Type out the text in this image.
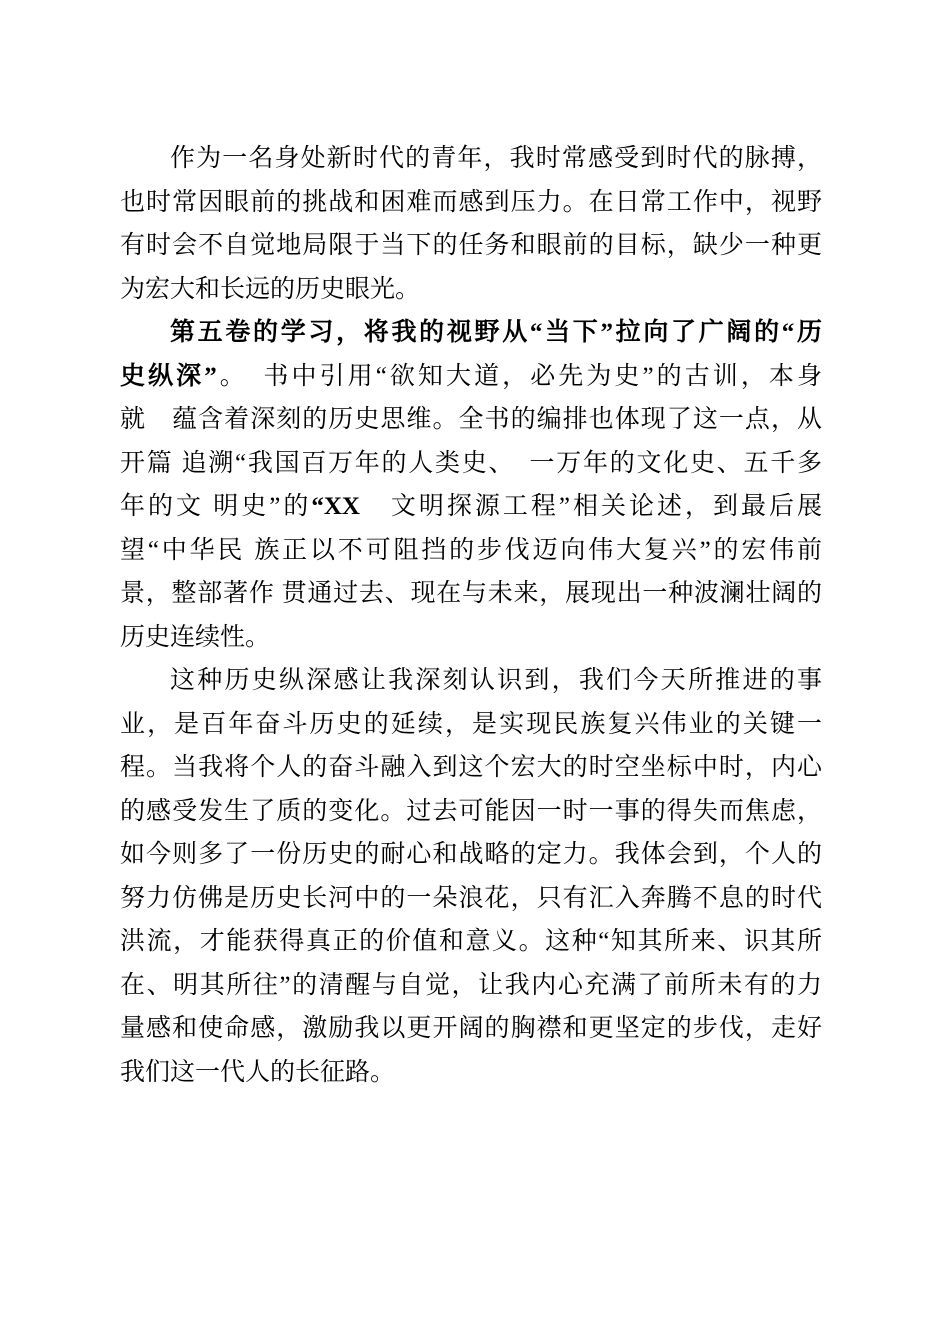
作为一名身处新时代的青年，我时常感受到时代的脉搏，
也时常因眼前的挑战和困难而感到压力。在日常工作中，视野
有时会不自觉地局限于当下的任务和眼前的目标，缺少一种更
为宏大和长远的历史眼光。
第五卷的学习，将我的视野从“当下”拉向了广阔的“历
史纵深”。　书中引用“欲知大道，必先为史”的古训，本身
就　蕴含着深刻的历史思维。全书的编排也体现了这一点，从
开篇 追溯“我国百万年的人类史、　一万年的文化史、五千多
年的文 明史”的“XX　文明探源工程”相关论述，到最后展
望“中华民 族正以不可阻挡的步伐迈向伟大复兴”的宏伟前
景，整部著作 贯通过去、现在与未来，展现出一种波澜壮阔的
历史连续性。
这种历史纵深感让我深刻认识到，我们今天所推进的事
业，是百年奋斗历史的延续，是实现民族复兴伟业的关键一
程。当我将个人的奋斗融入到这个宏大的时空坐标中时，内心
的感受发生了质的变化。过去可能因一时一事的得失而焦虑，
如今则多了一份历史的耐心和战略的定力。我体会到，个人的
努力仿佛是历史长河中的一朵浪花，只有汇入奔腾不息的时代
洪流，才能获得真正的价值和意义。这种“知其所来、识其所
在、明其所往”的清醒与自觉，让我内心充满了前所未有的力
量感和使命感，激励我以更开阔的胸襟和更坚定的步伐，走好
我们这一代人的长征路。
